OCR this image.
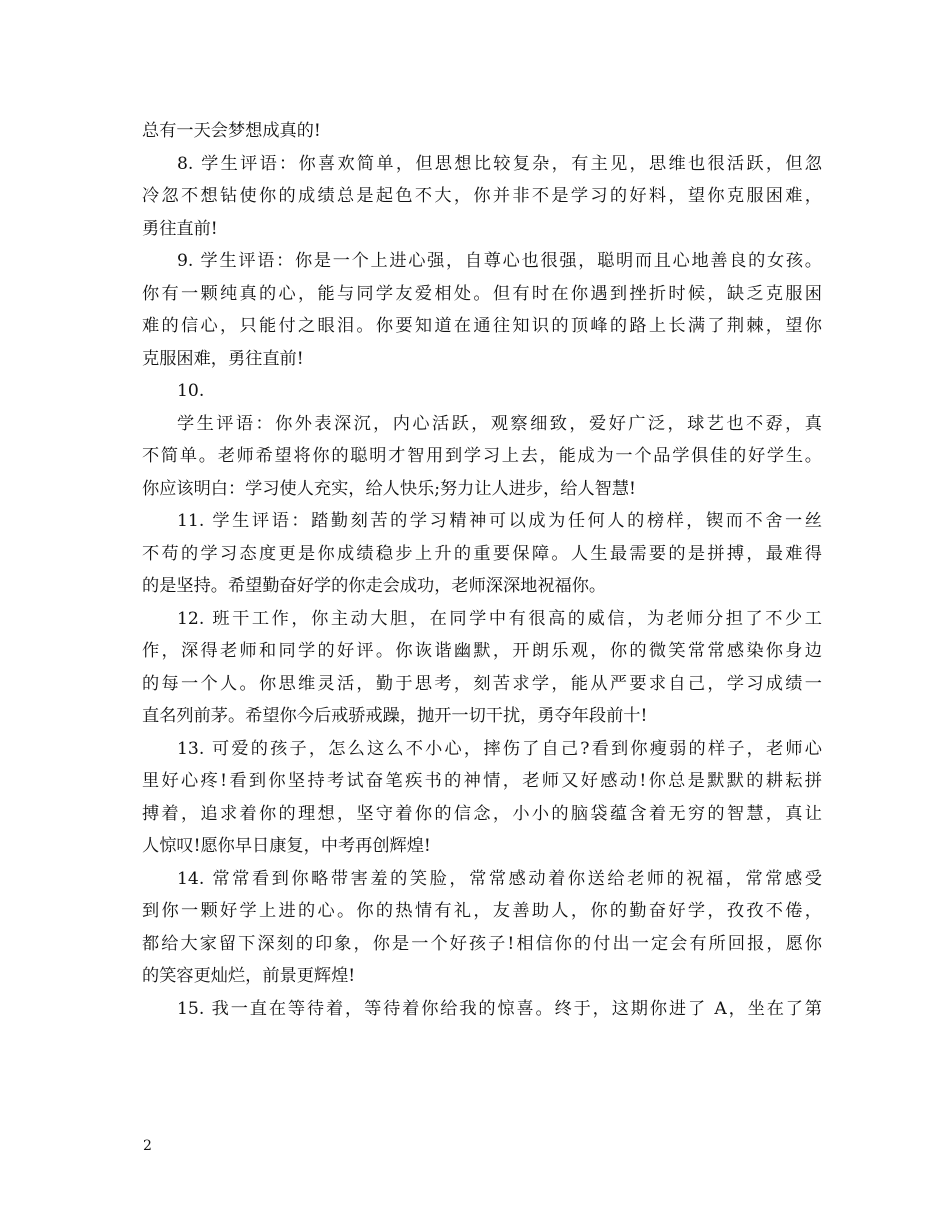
总有一天会梦想成真的!
8. 学生评语：你喜欢简单，但思想比较复杂，有主见，思维也很活跃，但忽
冷忽不想钻使你的成绩总是起色不大，你并非不是学习的好料，望你克服困难，
勇往直前!
9. 学生评语：你是一个上进心强，自尊心也很强，聪明而且心地善良的女孩。
你有一颗纯真的心，能与同学友爱相处。但有时在你遇到挫折时候，缺乏克服困
难的信心，只能付之眼泪。你要知道在通往知识的顶峰的路上长满了荆棘，望你
克服困难，勇往直前!
10.
学生评语：你外表深沉，内心活跃，观察细致，爱好广泛，球艺也不孬，真
不简单。老师希望将你的聪明才智用到学习上去，能成为一个品学俱佳的好学生。
你应该明白：学习使人充实，给人快乐;努力让人进步，给人智慧!
11. 学生评语：踏勤刻苦的学习精神可以成为任何人的榜样，锲而不舍一丝
不苟的学习态度更是你成绩稳步上升的重要保障。人生最需要的是拼搏，最难得
的是坚持。希望勤奋好学的你走会成功，老师深深地祝福你。
12. 班干工作，你主动大胆，在同学中有很高的威信，为老师分担了不少工
作，深得老师和同学的好评。你诙谐幽默，开朗乐观，你的微笑常常感染你身边
的每一个人。你思维灵活，勤于思考，刻苦求学，能从严要求自己，学习成绩一
直名列前茅。希望你今后戒骄戒躁，抛开一切干扰，勇夺年段前十!
13. 可爱的孩子，怎么这么不小心，摔伤了自己?看到你瘦弱的样子，老师心
里好心疼!看到你坚持考试奋笔疾书的神情，老师又好感动!你总是默默的耕耘拼
搏着，追求着你的理想，坚守着你的信念，小小的脑袋蕴含着无穷的智慧，真让
人惊叹!愿你早日康复，中考再创辉煌!
14. 常常看到你略带害羞的笑脸，常常感动着你送给老师的祝福，常常感受
到你一颗好学上进的心。你的热情有礼，友善助人，你的勤奋好学，孜孜不倦，
都给大家留下深刻的印象，你是一个好孩子!相信你的付出一定会有所回报，愿你
的笑容更灿烂，前景更辉煌!
15. 我一直在等待着，等待着你给我的惊喜。终于，这期你进了 A，坐在了第
2
